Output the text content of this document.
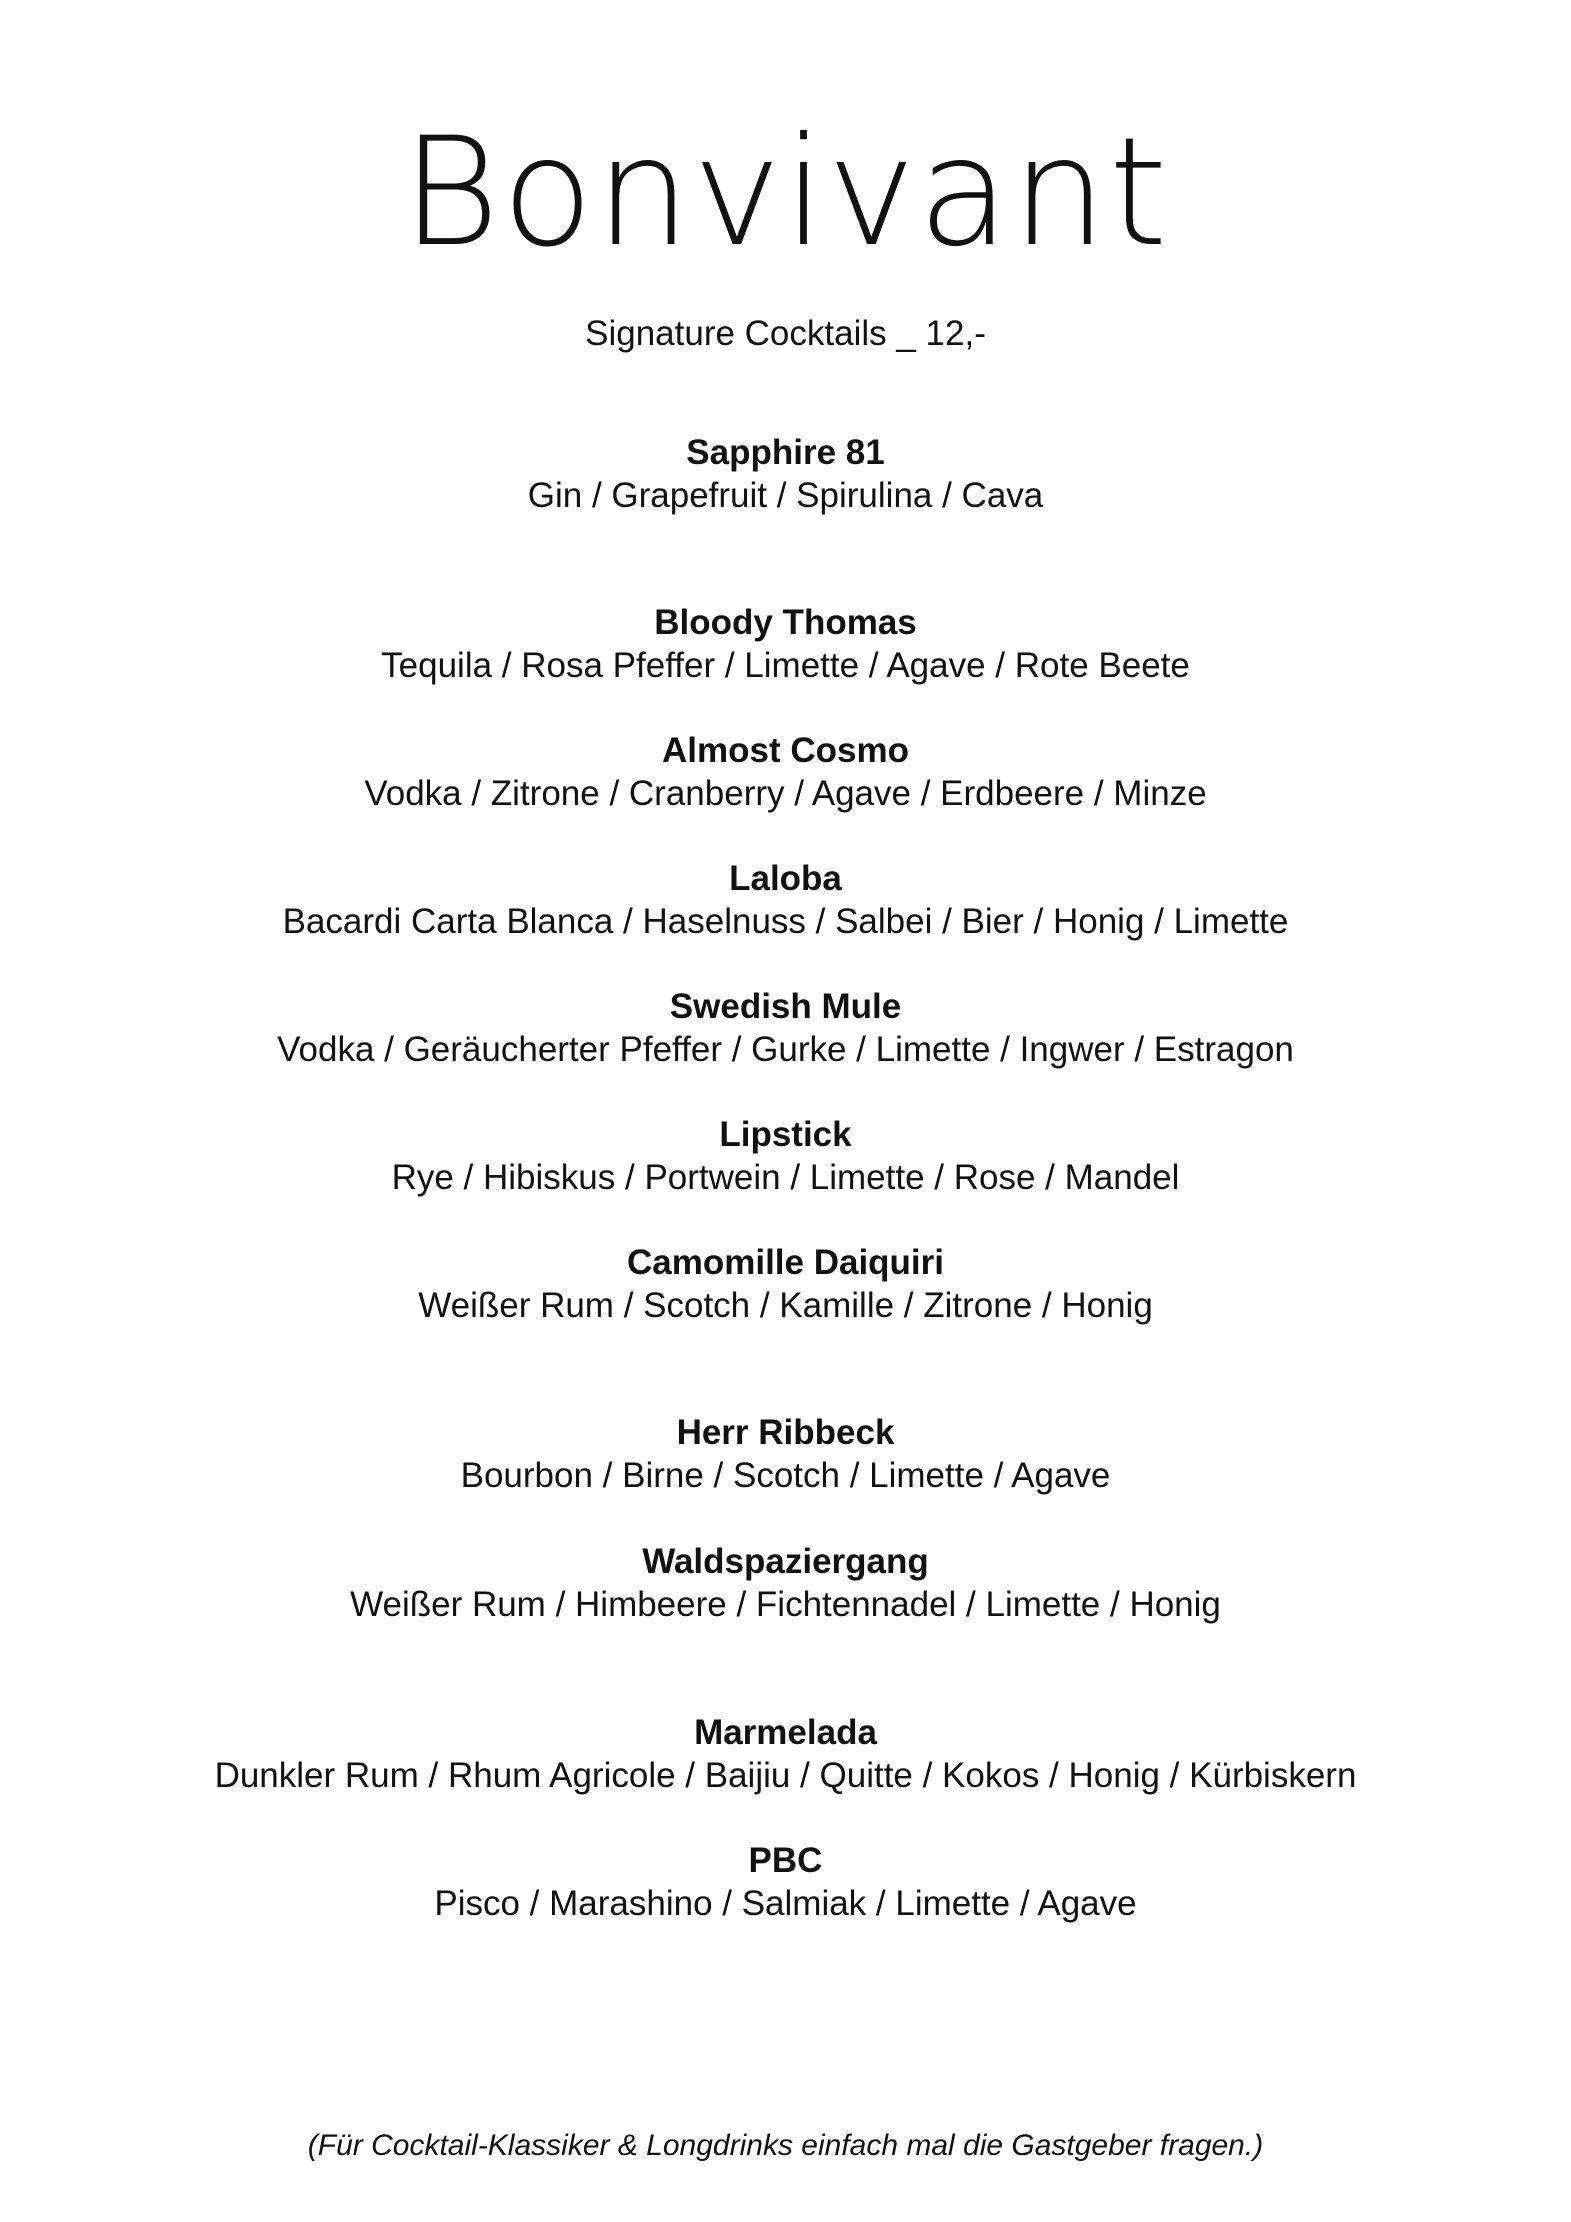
Bonvivant
Signature Cocktails _ 12,-
Sapphire 81
Gin / Grapefruit / Spirulina / Cava
Bloody Thomas
Tequila / Rosa Pfeffer / Limette / Agave / Rote Beete
Almost Cosmo
Vodka / Zitrone / Cranberry / Agave / Erdbeere / Minze
Laloba
Bacardi Carta Blanca / Haselnuss / Salbei / Bier / Honig / Limette
Swedish Mule
Vodka / Geräucherter Pfeffer / Gurke / Limette / Ingwer / Estragon
Lipstick
Rye / Hibiskus / Portwein / Limette / Rose / Mandel
Camomille Daiquiri
Weißer Rum / Scotch / Kamille / Zitrone / Honig
Herr Ribbeck
Bourbon / Birne / Scotch / Limette / Agave
Waldspaziergang
Weißer Rum / Himbeere / Fichtennadel / Limette / Honig
Marmelada
Dunkler Rum / Rhum Agricole / Baijiu / Quitte / Kokos / Honig / Kürbiskern
PBC
Pisco / Marashino / Salmiak / Limette / Agave
(Für Cocktail-Klassiker & Longdrinks einfach mal die Gastgeber fragen.)
